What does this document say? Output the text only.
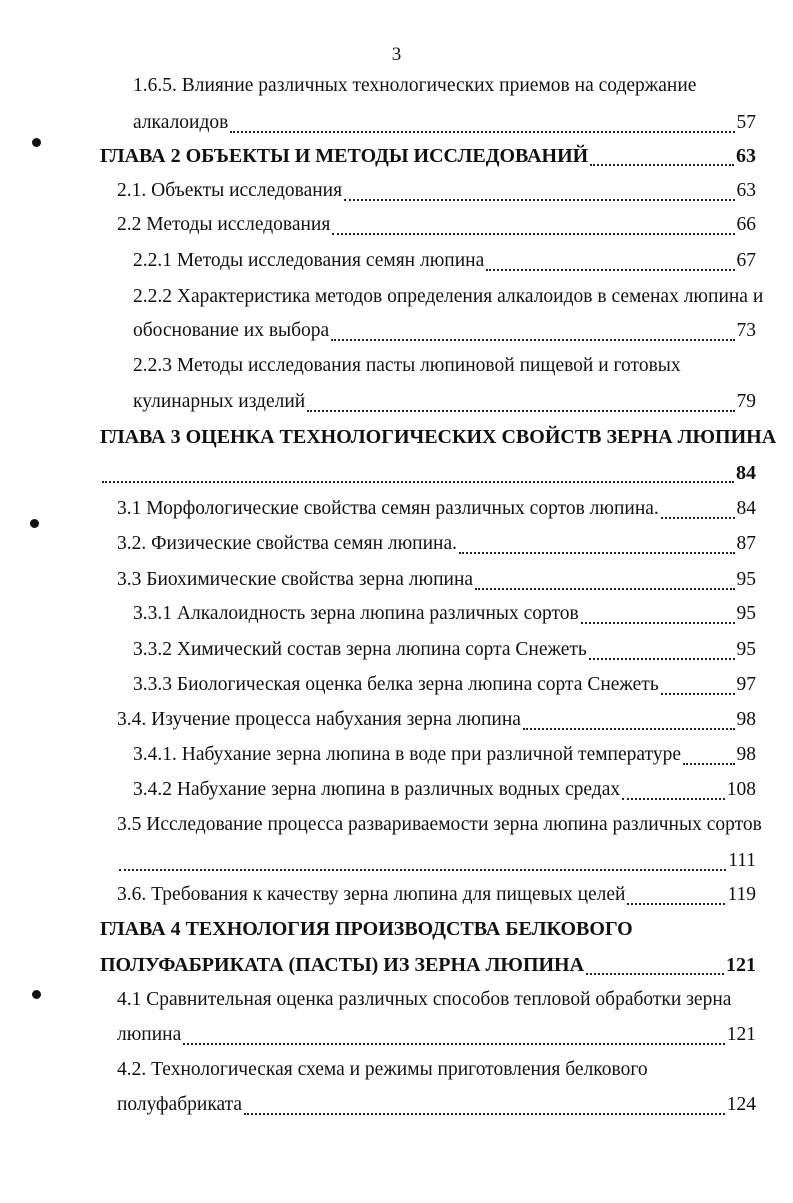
3
1.6.5. Влияние различных технологических приемов на содержание
алкалоидов	57
ГЛАВА 2 ОБЪЕКТЫ И МЕТОДЫ ИССЛЕДОВАНИЙ	63
2.1. Объекты исследования	63
2.2 Методы исследования	66
2.2.1 Методы исследования семян люпина	67
2.2.2 Характеристика методов определения алкалоидов в семенах люпина и
обоснование их выбора	73
2.2.3 Методы исследования пасты люпиновой пищевой и готовых
кулинарных изделий	79
ГЛАВА 3 ОЦЕНКА ТЕХНОЛОГИЧЕСКИХ СВОЙСТВ ЗЕРНА ЛЮПИНА
84
3.1 Морфологические свойства семян различных сортов люпина.	84
3.2. Физические свойства семян люпина.	87
3.3 Биохимические свойства зерна люпина	95
3.3.1 Алкалоидность зерна люпина различных сортов	95
3.3.2 Химический состав зерна люпина сорта Снежеть	95
3.3.3 Биологическая оценка белка зерна люпина сорта Снежеть	97
3.4. Изучение процесса набухания зерна люпина	98
3.4.1. Набухание зерна люпина в воде при различной температуре	98
3.4.2 Набухание зерна люпина в различных водных средах	108
3.5 Исследование процесса развариваемости зерна люпина различных сортов
111
3.6. Требования к качеству зерна люпина для пищевых целей	119
ГЛАВА 4 ТЕХНОЛОГИЯ ПРОИЗВОДСТВА БЕЛКОВОГО
ПОЛУФАБРИКАТА (ПАСТЫ) ИЗ ЗЕРНА ЛЮПИНА	121
4.1 Сравнительная оценка различных способов тепловой обработки зерна
люпина	121
4.2. Технологическая схема и режимы приготовления белкового
полуфабриката	124
